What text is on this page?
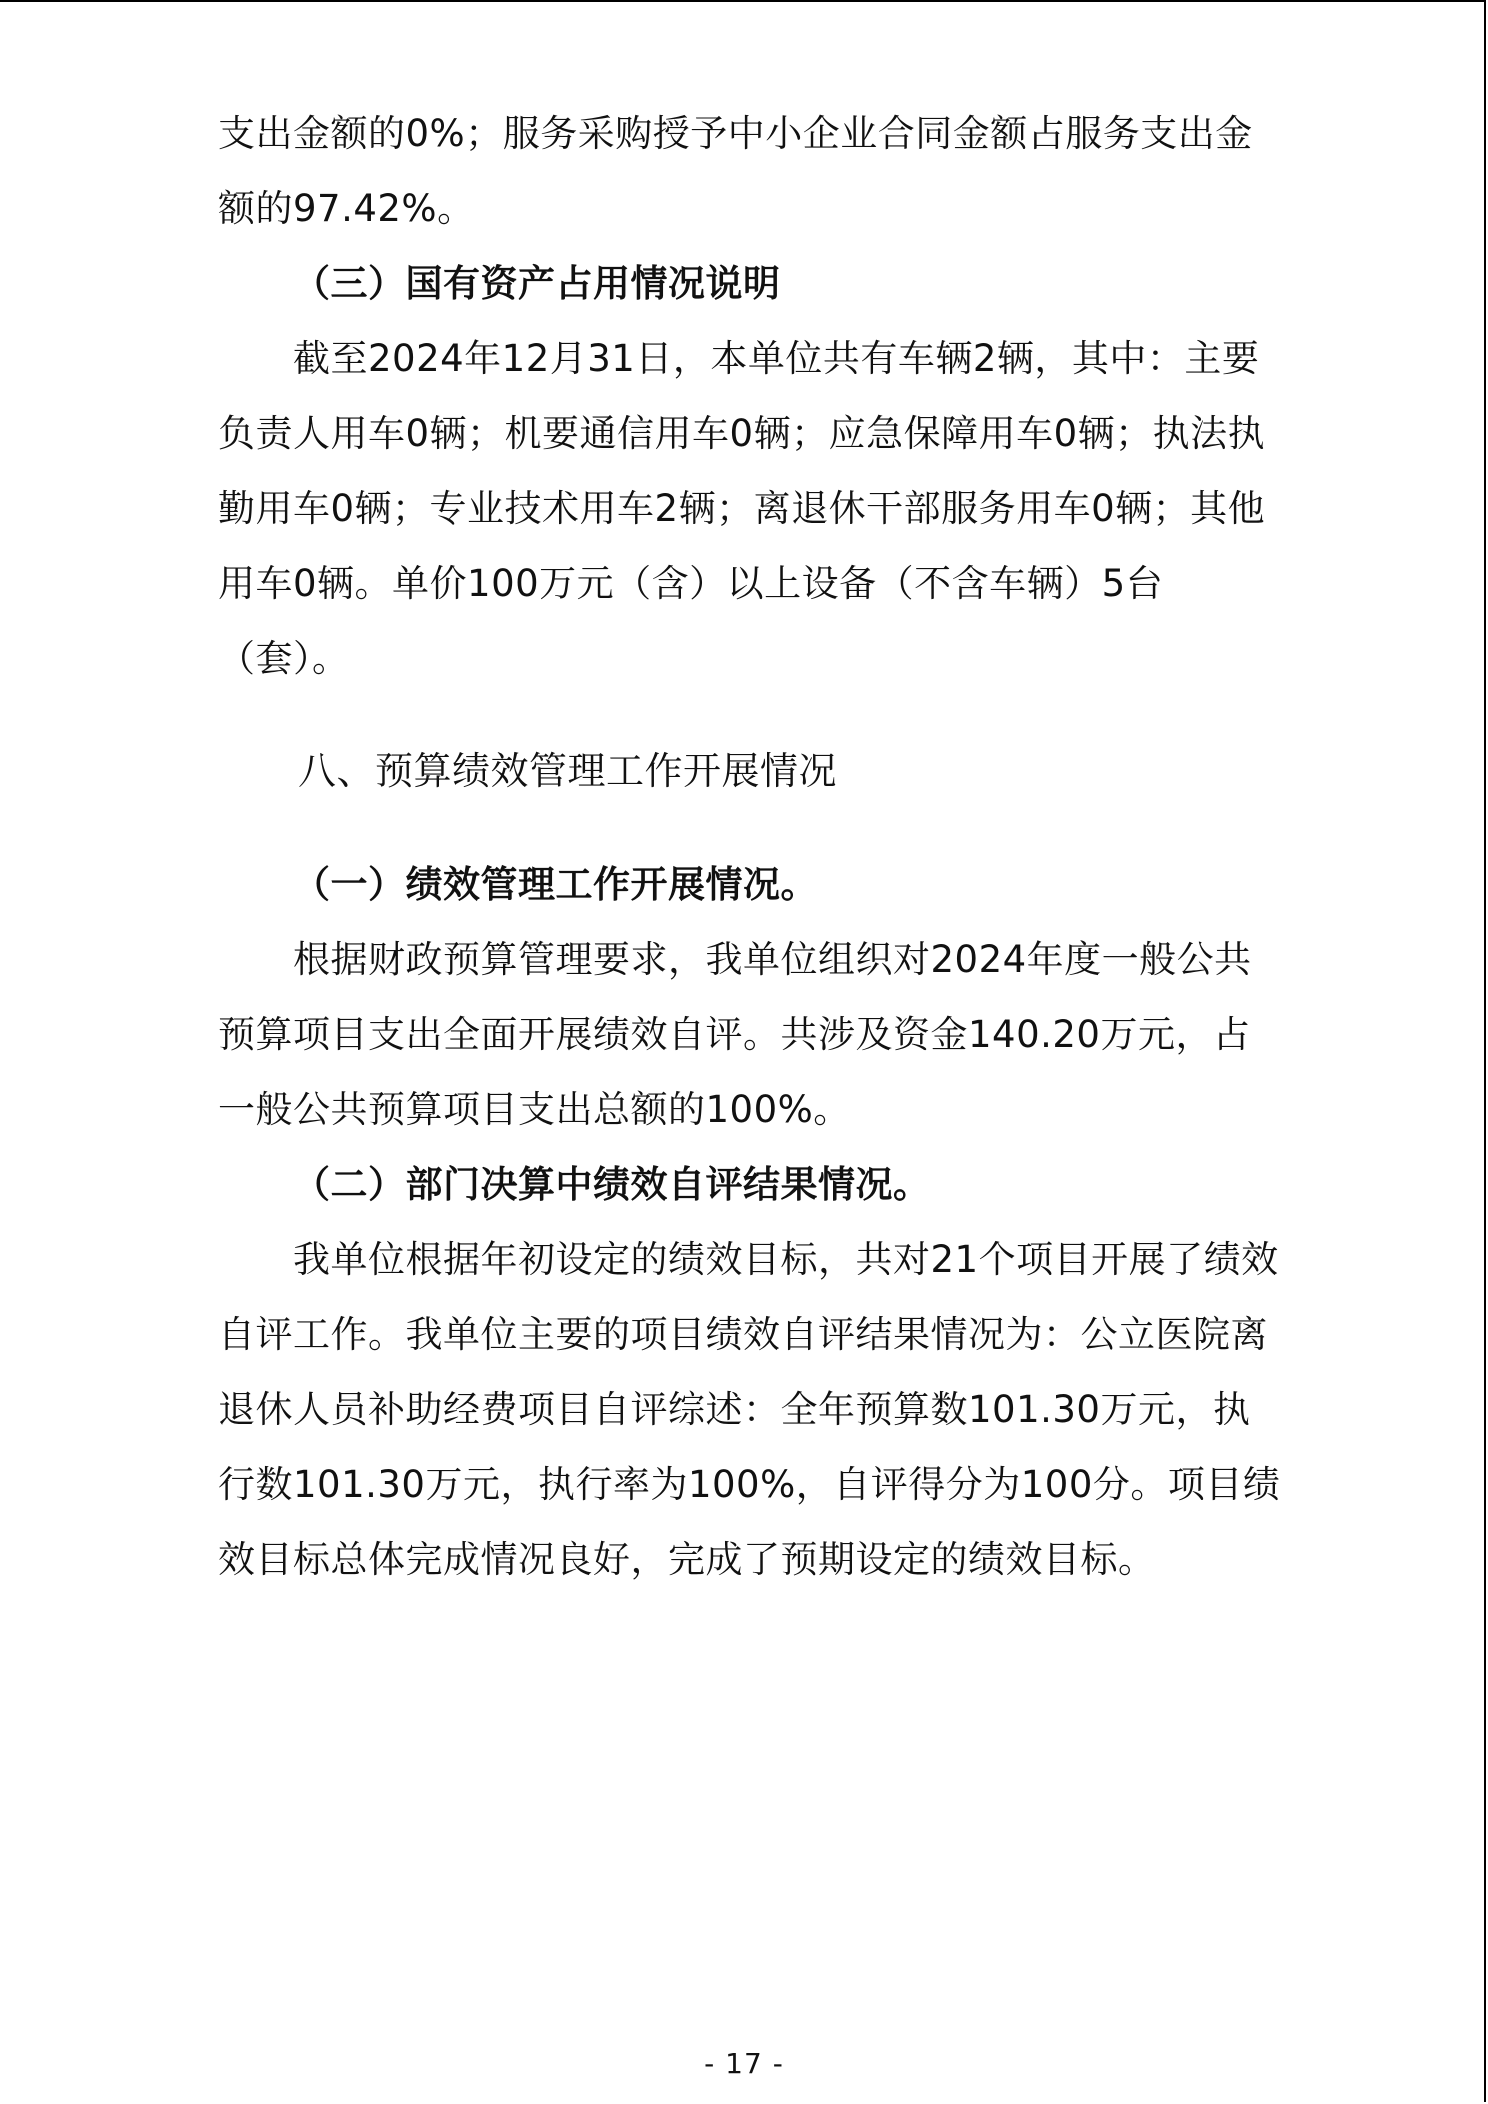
支出金额的0%；服务采购授予中小企业合同金额占服务支出金额的97.42%。

（三）国有资产占用情况说明

截至2024年12月31日，本单位共有车辆2辆，其中：主要负责人用车0辆；机要通信用车0辆；应急保障用车0辆；执法执勤用车0辆；专业技术用车2辆；离退休干部服务用车0辆；其他用车0辆。单价100万元（含）以上设备（不含车辆）5台（套）。

八、预算绩效管理工作开展情况

（一）绩效管理工作开展情况。

根据财政预算管理要求，我单位组织对2024年度一般公共预算项目支出全面开展绩效自评。共涉及资金140.20万元，占一般公共预算项目支出总额的100%。

（二）部门决算中绩效自评结果情况。

我单位根据年初设定的绩效目标，共对21个项目开展了绩效自评工作。我单位主要的项目绩效自评结果情况为：公立医院离退休人员补助经费项目自评综述：全年预算数101.30万元，执行数101.30万元，执行率为100%，自评得分为100分。项目绩效目标总体完成情况良好，完成了预期设定的绩效目标。

- 17 -
